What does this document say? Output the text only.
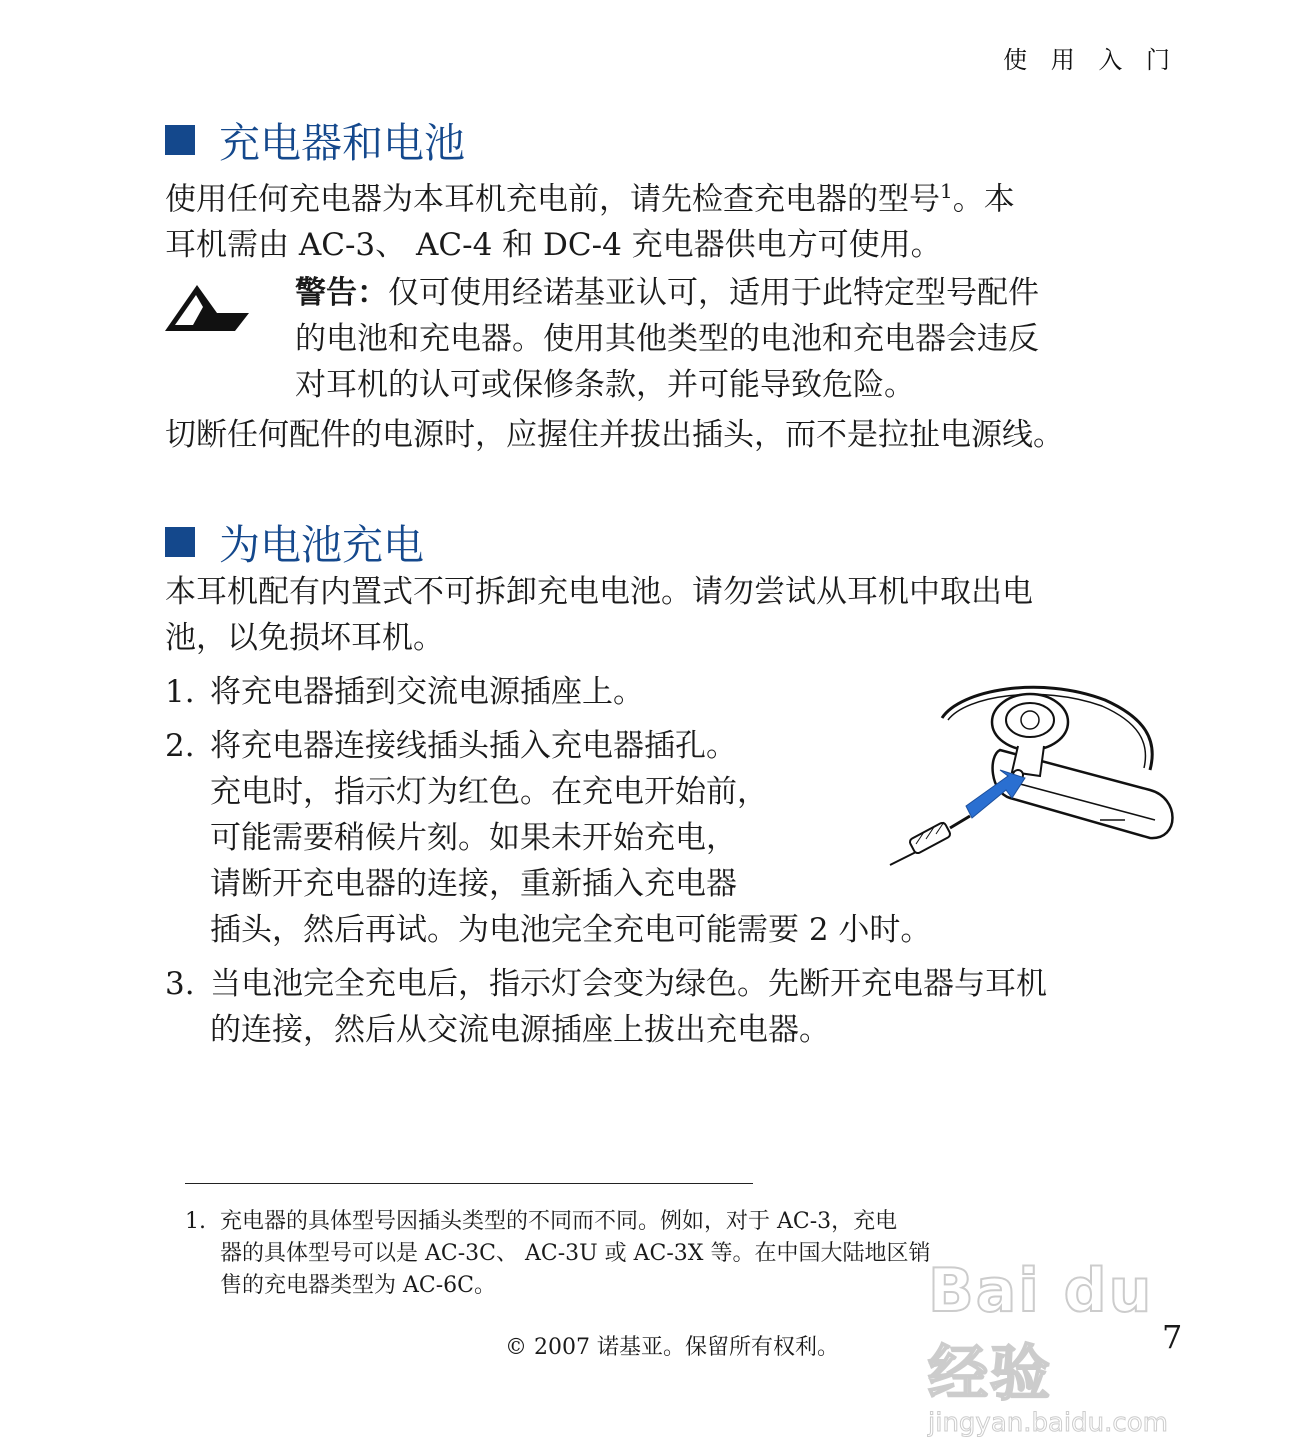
使 用 入 门
充电器和电池
使用任何充电器为本耳机充电前，请先检查充电器的型号$^1$。本
耳机需由 AC-3、 AC-4 和 DC-4 充电器供电方可使用。
警告：仅可使用经诺基亚认可，适用于此特定型号配件
的电池和充电器。使用其他类型的电池和充电器会违反
对耳机的认可或保修条款，并可能导致危险。
切断任何配件的电源时，应握住并拔出插头，而不是拉扯电源线。
为电池充电
本耳机配有内置式不可拆卸充电电池。请勿尝试从耳机中取出电
池，以免损坏耳机。
1. 将充电器插到交流电源插座上。
2. 将充电器连接线插头插入充电器插孔。
充电时，指示灯为红色。在充电开始前，
可能需要稍候片刻。如果未开始充电，
请断开充电器的连接，重新插入充电器
插头，然后再试。为电池完全充电可能需要 2 小时。
3. 当电池完全充电后，指示灯会变为绿色。先断开充电器与耳机
的连接，然后从交流电源插座上拔出充电器。
1. 充电器的具体型号因插头类型的不同而不同。例如，对于 AC-3，充电
器的具体型号可以是 AC-3C、 AC-3U 或 AC-3X 等。在中国大陆地区销
售的充电器类型为 AC-6C。
© 2007 诺基亚。保留所有权利。	7
Bai du 经验
jingyan.baidu.com
